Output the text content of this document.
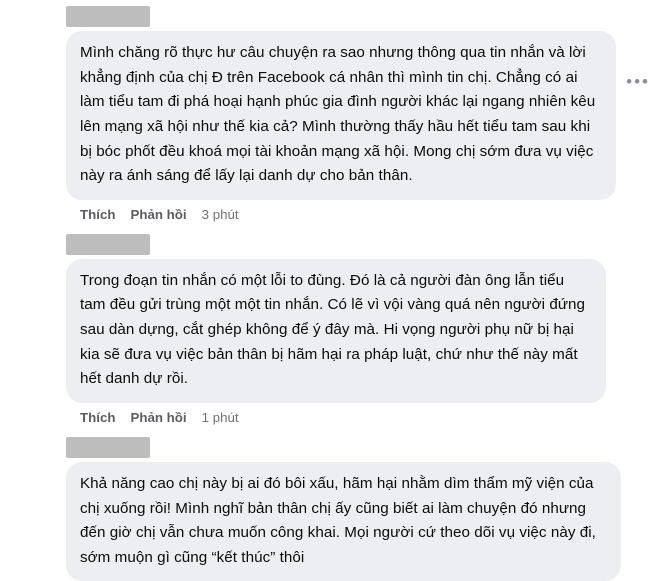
Mình chăng rõ thực hư câu chuyện ra sao nhưng thông qua tin nhắn và lời khẳng định của chị Đ trên Facebook cá nhân thì mình tin chị. Chẳng có ai làm tiểu tam đi phá hoại hạnh phúc gia đình người khác lại ngang nhiên kêu lên mạng xã hội như thế kia cả? Mình thường thấy hầu hết tiểu tam sau khi bị bóc phốt đều khoá mọi tài khoản mạng xã hội. Mong chị sớm đưa vụ việc này ra ánh sáng để lấy lại danh dự cho bản thân.
•••
Thích Phản hồi 3 phút
Trong đoạn tin nhắn có một lỗi to đùng. Đó là cả người đàn ông lẫn tiểu tam đều gửi trùng một một tin nhắn. Có lẽ vì vội vàng quá nên người đứng sau dàn dựng, cắt ghép không để ý đây mà. Hi vọng người phụ nữ bị hại kia sẽ đưa vụ việc bản thân bị hãm hại ra pháp luật, chứ như thế này mất hết danh dự rồi.
Thích Phản hồi 1 phút
Khả năng cao chị này bị ai đó bôi xấu, hãm hại nhằm dìm thẩm mỹ viện của chị xuống rồi! Mình nghĩ bản thân chị ấy cũng biết ai làm chuyện đó nhưng đến giờ chị vẫn chưa muốn công khai. Mọi người cứ theo dõi vụ việc này đi, sớm muộn gì cũng “kết thúc” thôi
